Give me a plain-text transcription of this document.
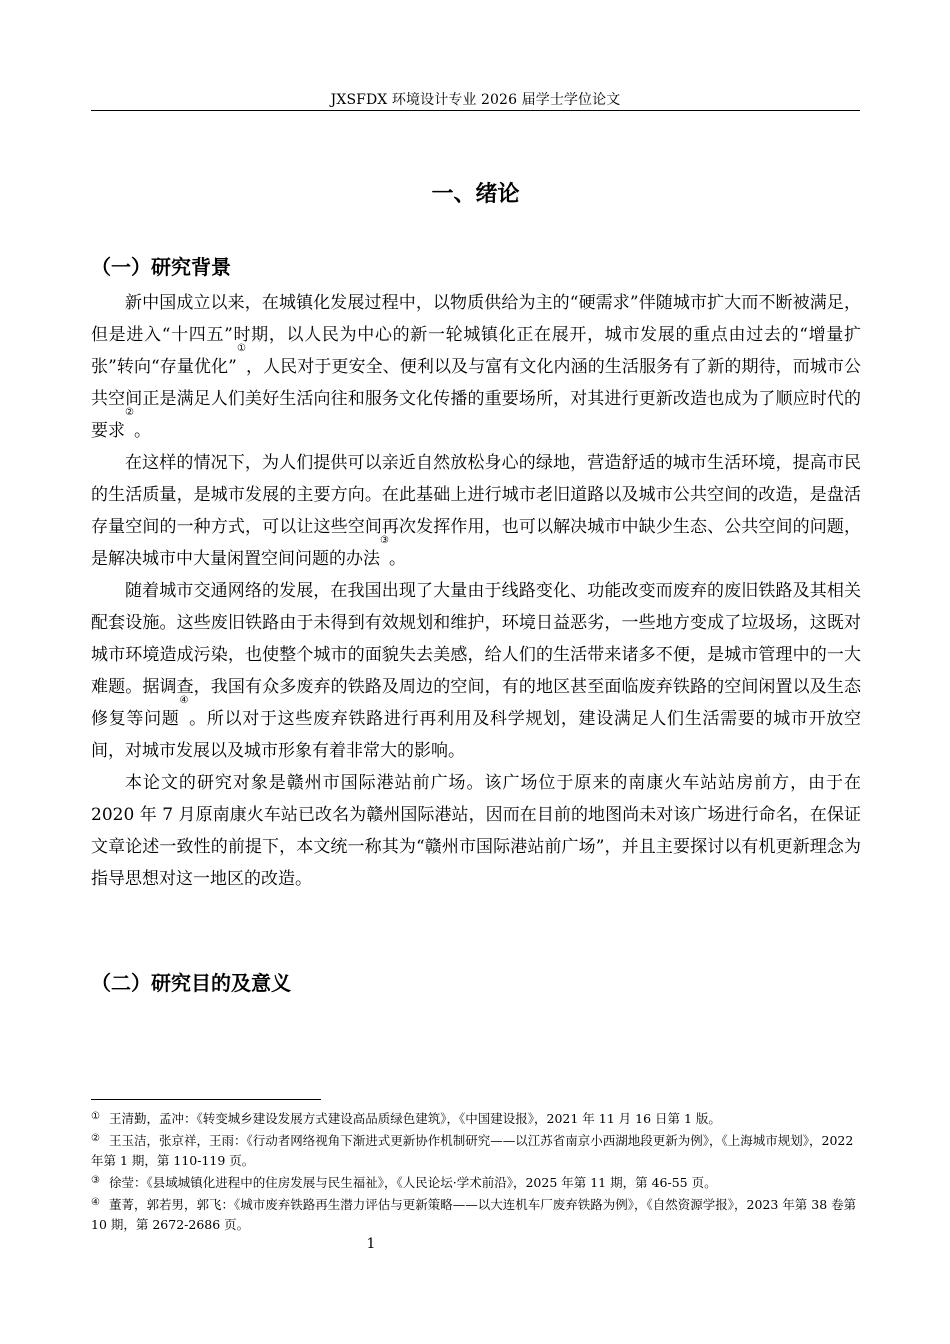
JXSFDX 环境设计专业 2026 届学士学位论文
一、绪论
（一）研究背景

新中国成立以来，在城镇化发展过程中，以物质供给为主的“硬需求”伴随城市扩大而不断被满足，但是进入“十四五”时期，以人民为中心的新一轮城镇化正在展开，城市发展的重点由过去的“增量扩张”转向“存量优化”①，人民对于更安全、便利以及与富有文化内涵的生活服务有了新的期待，而城市公共空间正是满足人们美好生活向往和服务文化传播的重要场所，对其进行更新改造也成为了顺应时代的要求②。

在这样的情况下，为人们提供可以亲近自然放松身心的绿地，营造舒适的城市生活环境，提高市民的生活质量，是城市发展的主要方向。在此基础上进行城市老旧道路以及城市公共空间的改造，是盘活存量空间的一种方式，可以让这些空间再次发挥作用，也可以解决城市中缺少生态、公共空间的问题，是解决城市中大量闲置空间问题的办法③。

随着城市交通网络的发展，在我国出现了大量由于线路变化、功能改变而废弃的废旧铁路及其相关配套设施。这些废旧铁路由于未得到有效规划和维护，环境日益恶劣，一些地方变成了垃圾场，这既对城市环境造成污染，也使整个城市的面貌失去美感，给人们的生活带来诸多不便，是城市管理中的一大难题。据调查，我国有众多废弃的铁路及周边的空间，有的地区甚至面临废弃铁路的空间闲置以及生态修复等问题④。所以对于这些废弃铁路进行再利用及科学规划，建设满足人们生活需要的城市开放空间，对城市发展以及城市形象有着非常大的影响。

本论文的研究对象是赣州市国际港站前广场。该广场位于原来的南康火车站站房前方，由于在 2020 年 7 月原南康火车站已改名为赣州国际港站，因而在目前的地图尚未对该广场进行命名，在保证文章论述一致性的前提下，本文统一称其为“赣州市国际港站前广场”，并且主要探讨以有机更新理念为指导思想对这一地区的改造。

（二）研究目的及意义

① 王清勤，孟冲：《转变城乡建设发展方式建设高品质绿色建筑》，《中国建设报》，2021 年 11 月 16 日第 1 版。

② 王玉洁，张京祥，王雨：《行动者网络视角下渐进式更新协作机制研究——以江苏省南京小西湖地段更新为例》，《上海城市规划》，2022 年第 1 期，第 110-119 页。

③ 徐莹：《县域城镇化进程中的住房发展与民生福祉》，《人民论坛·学术前沿》，2025 年第 11 期，第 46-55 页。

④ 董菁，郭若男，郭飞：《城市废弃铁路再生潜力评估与更新策略——以大连机车厂废弃铁路为例》，《自然资源学报》，2023 年第 38 卷第 10 期，第 2672-2686 页。

1
